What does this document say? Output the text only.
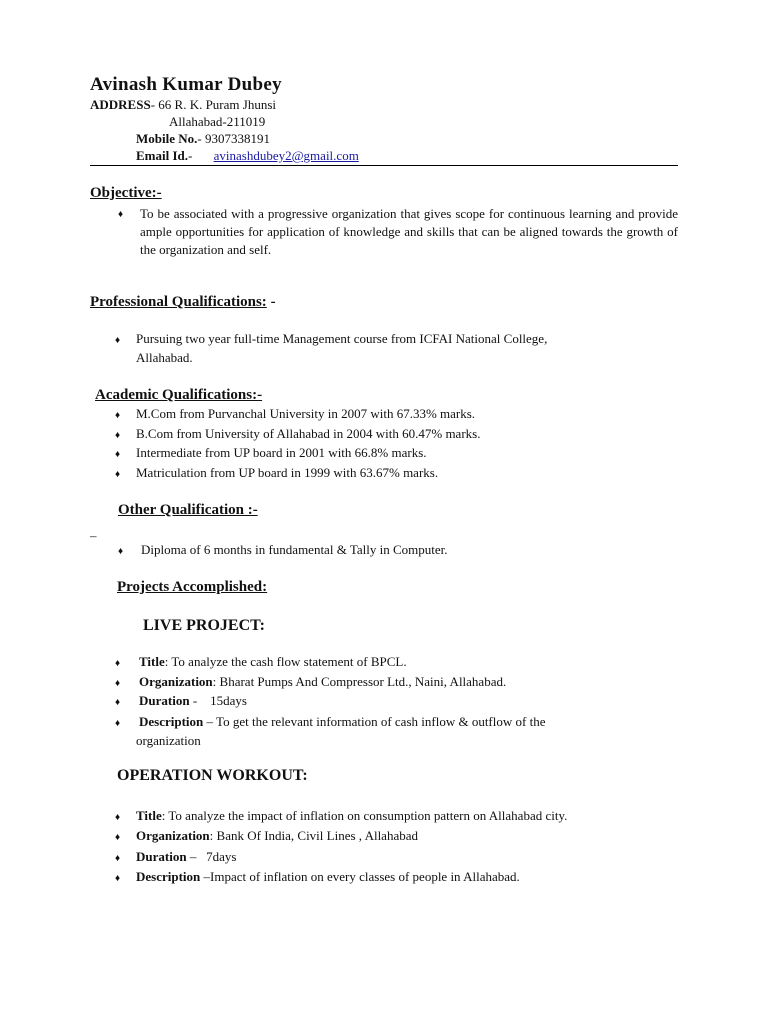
Avinash Kumar Dubey
ADDRESS- 66 R. K. Puram Jhunsi
Allahabad-211019
Mobile No.- 9307338191
Email Id.- avinashdubey2@gmail.com
Objective:-
♦ To be associated with a progressive organization that gives scope for continuous learning and provide ample opportunities for application of knowledge and skills that can be aligned towards the growth of the organization and self.
Professional Qualifications: -
♦ Pursuing two year full-time Management course from ICFAI National College,
Allahabad.
Academic Qualifications:-
♦ M.Com from Purvanchal University in 2007 with 67.33% marks.
♦ B.Com from University of Allahabad in 2004 with 60.47% marks.
♦ Intermediate from UP board in 2001 with 66.8% marks.
♦ Matriculation from UP board in 1999 with 63.67% marks.
Other Qualification :-
–
♦ Diploma of 6 months in fundamental & Tally in Computer.
Projects Accomplished:
LIVE PROJECT:
♦ Title: To analyze the cash flow statement of BPCL.
♦ Organization: Bharat Pumps And Compressor Ltd., Naini, Allahabad.
♦ Duration -    15days
♦ Description – To get the relevant information of cash inflow & outflow of the
organization
OPERATION WORKOUT:
♦ Title: To analyze the impact of inflation on consumption pattern on Allahabad city.
♦ Organization: Bank Of India, Civil Lines , Allahabad
♦ Duration –   7days
♦ Description –Impact of inflation on every classes of people in Allahabad.
